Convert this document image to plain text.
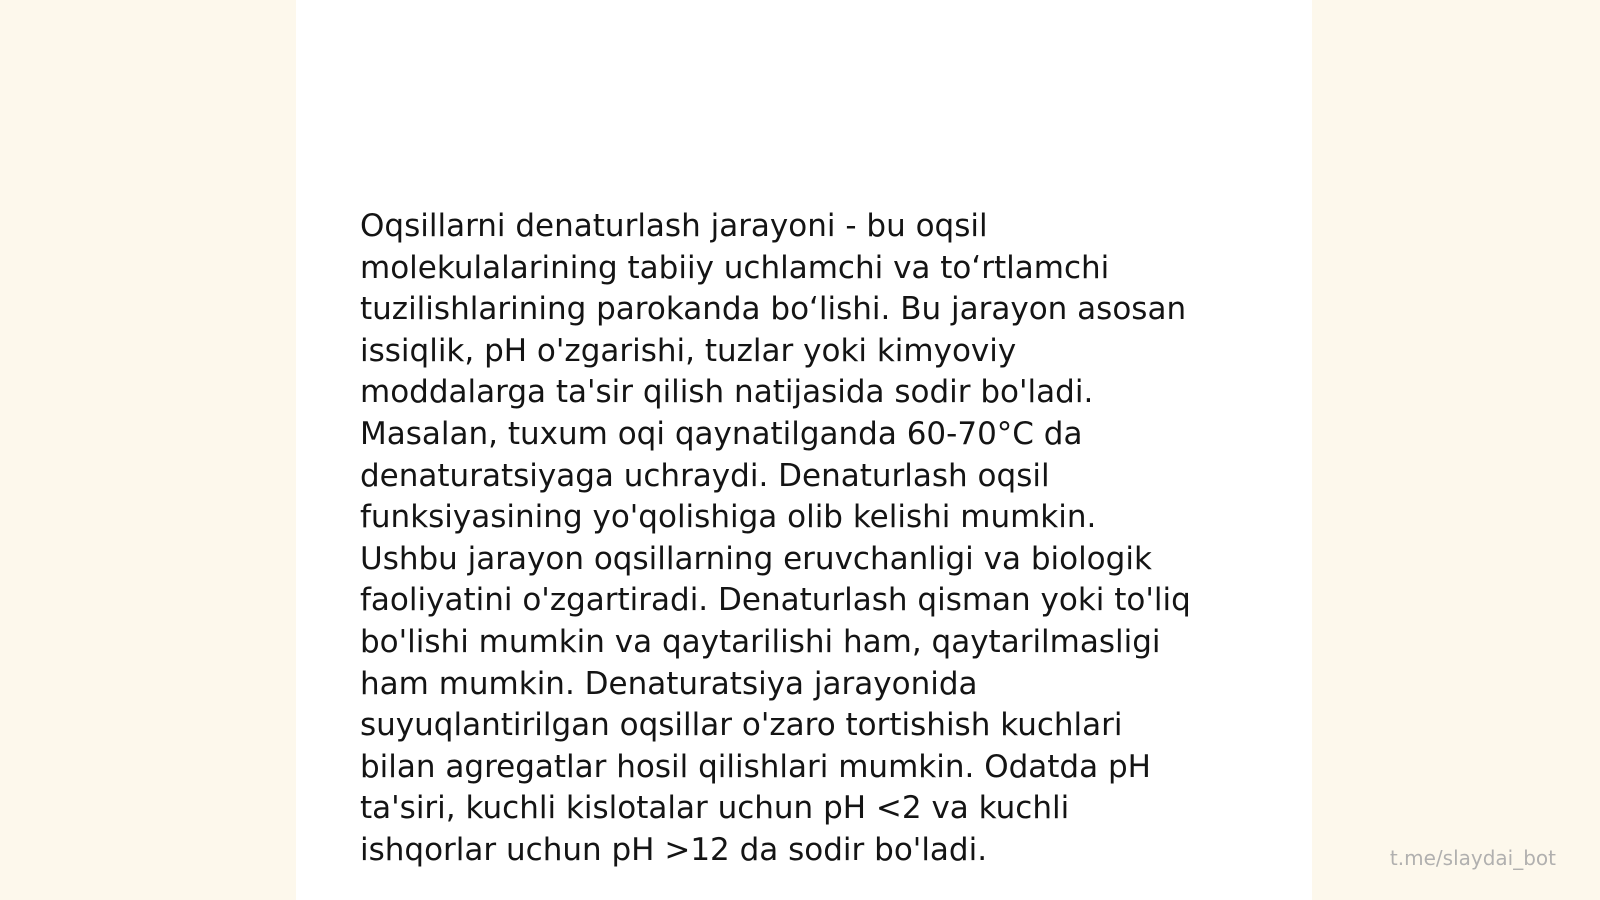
Oqsillarni denaturlash jarayoni - bu oqsil
molekulalarining tabiiy uchlamchi va to‘rtlamchi
tuzilishlarining parokanda bo‘lishi. Bu jarayon asosan
issiqlik, pH o'zgarishi, tuzlar yoki kimyoviy
moddalarga ta'sir qilish natijasida sodir bo'ladi.
Masalan, tuxum oqi qaynatilganda 60-70°C da
denaturatsiyaga uchraydi. Denaturlash oqsil
funksiyasining yo'qolishiga olib kelishi mumkin.
Ushbu jarayon oqsillarning eruvchanligi va biologik
faoliyatini o'zgartiradi. Denaturlash qisman yoki to'liq
bo'lishi mumkin va qaytarilishi ham, qaytarilmasligi
ham mumkin. Denaturatsiya jarayonida
suyuqlantirilgan oqsillar o'zaro tortishish kuchlari
bilan agregatlar hosil qilishlari mumkin. Odatda pH
ta'siri, kuchli kislotalar uchun pH <2 va kuchli
ishqorlar uchun pH >12 da sodir bo'ladi.	t.me/slaydai_bot
